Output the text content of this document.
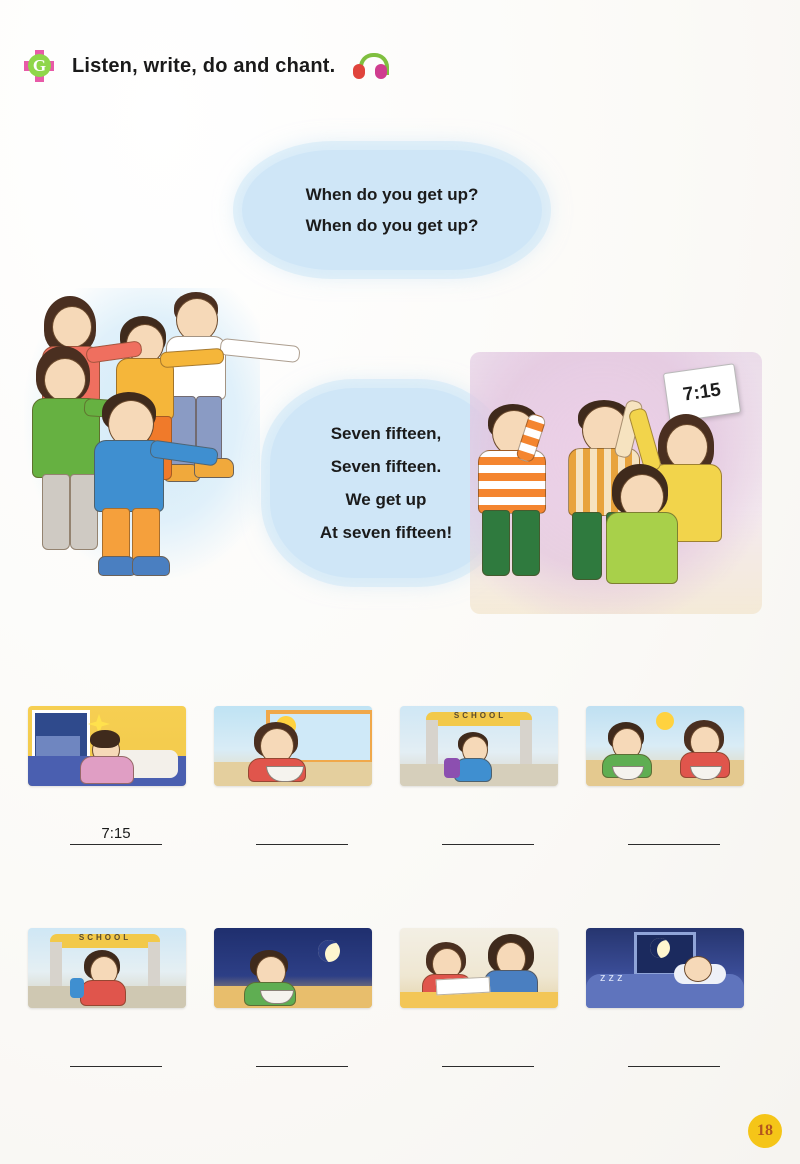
G Listen, write, do and chant.
When do you get up?
When do you get up?
Seven fifteen,
Seven fifteen.
We get up
At seven fifteen!
7:15
7:15
SCHOOL
SCHOOL
z z z
18
